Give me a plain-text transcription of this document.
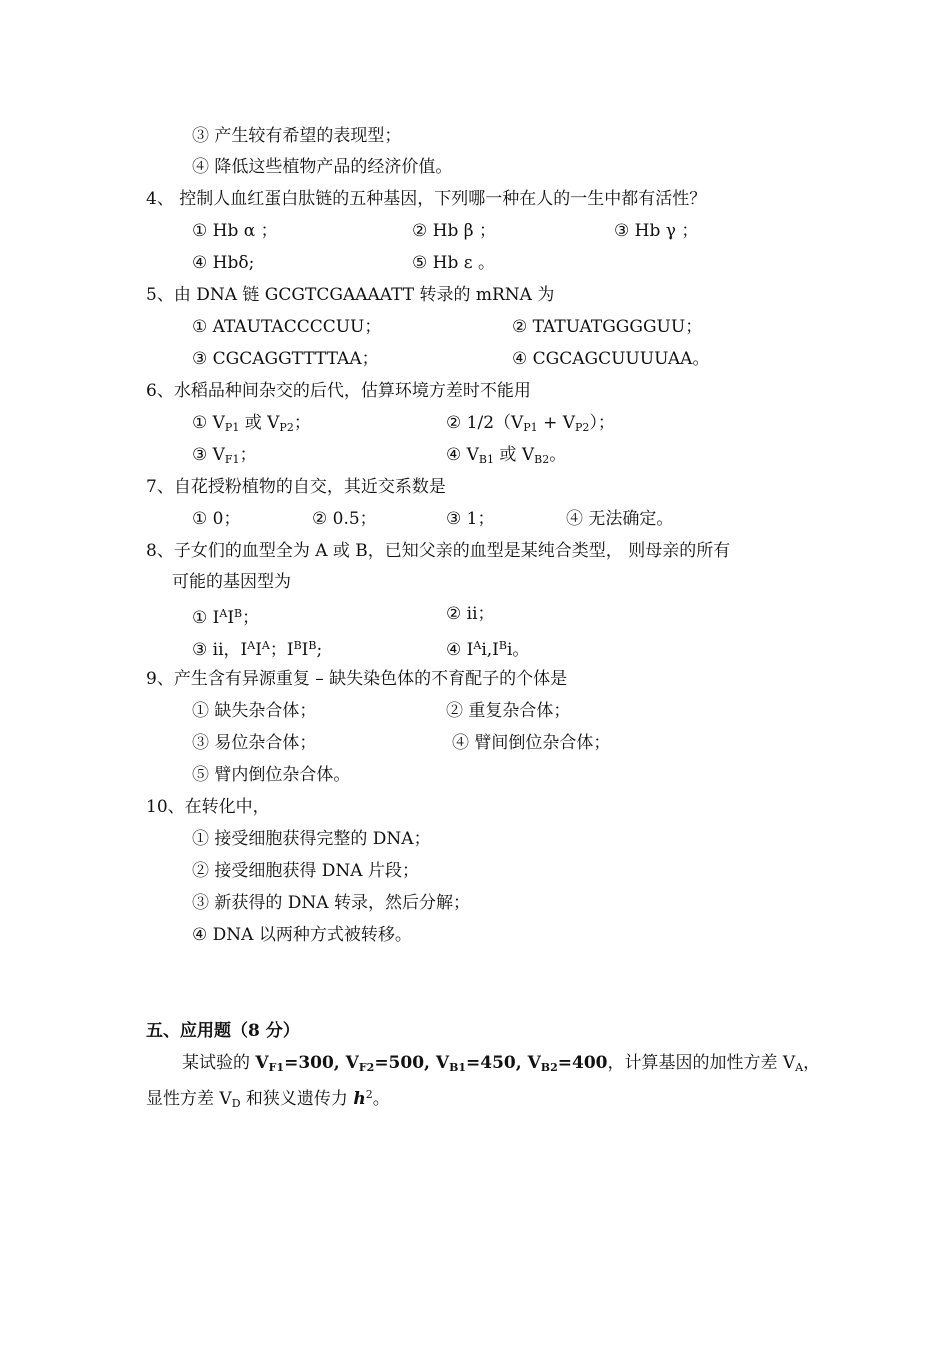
③ 产生较有希望的表现型；
④ 降低这些植物产品的经济价值。
4、 控制人血红蛋白肽链的五种基因，下列哪一种在人的一生中都有活性？
① Hb α ；	② Hb β ；	③ Hb γ ；
④ Hbδ;	⑤ Hb ε 。
5、由 DNA 链 GCGTCGAAAATT 转录的 mRNA 为
① ATAUTACCCCUU；	② TATUATGGGGUU；
③ CGCAGGTTTTAA；	④ CGCAGCUUUUAA。
6、水稻品种间杂交的后代，估算环境方差时不能用
① $V_{P1}$ 或 $V_{P2}$；	② $1/2(V_{P1} + V_{P2})$；
③ $V_{F1}$；	④ $V_{B1}$ 或 $V_{B2}$。
7、自花授粉植物的自交，其近交系数是
① 0；	② 0.5；	③ 1；	④ 无法确定。
8、子女们的血型全为 A 或 B，已知父亲的血型是某纯合类型， 则母亲的所有
可能的基因型为
① $I^AI^B$；	② ii；
③ ii，$I^AI^A$；$I^BI^B$;	④ $I^Ai,I^Bi$。
9、产生含有异源重复 – 缺失染色体的不育配子的个体是
① 缺失杂合体；	② 重复杂合体；
③ 易位杂合体；	④ 臂间倒位杂合体；
⑤ 臂内倒位杂合体。
10、在转化中，
① 接受细胞获得完整的 DNA；
② 接受细胞获得 DNA 片段；
③ 新获得的 DNA 转录，然后分解；
④ DNA 以两种方式被转移。
五、应用题（8 分）
某试验的 $V_{F1}=300$, $V_{F2}=500$, $V_{B1}=450$, $V_{B2}=400$，计算基因的加性方差 $V_A$，
显性方差 $V_D$ 和狭义遗传力 $h^2$。
